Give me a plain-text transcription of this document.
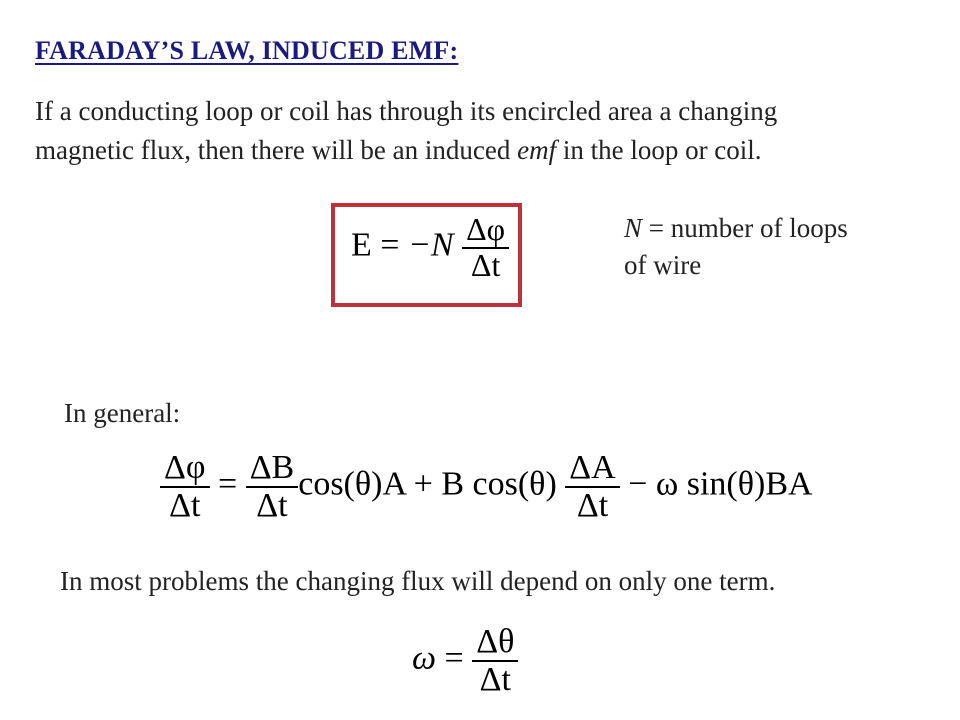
FARADAY’S LAW, INDUCED EMF:
If a conducting loop or coil has through its encircled area a changing
magnetic flux, then there will be an induced emf in the loop or coil.
$E = -N \frac{\Delta\varphi}{\Delta t}$	N = number of loops
of wire
In general:
$\frac{\Delta\varphi}{\Delta t} = \frac{\Delta B}{\Delta t} \cos(\theta)A + B$ $\cos(\theta) \frac{\Delta A}{\Delta t} - \omega$ sin(θ)BA
In most problems the changing flux will depend on only one term.
$\omega = \frac{\Delta\theta}{\Delta t}$
